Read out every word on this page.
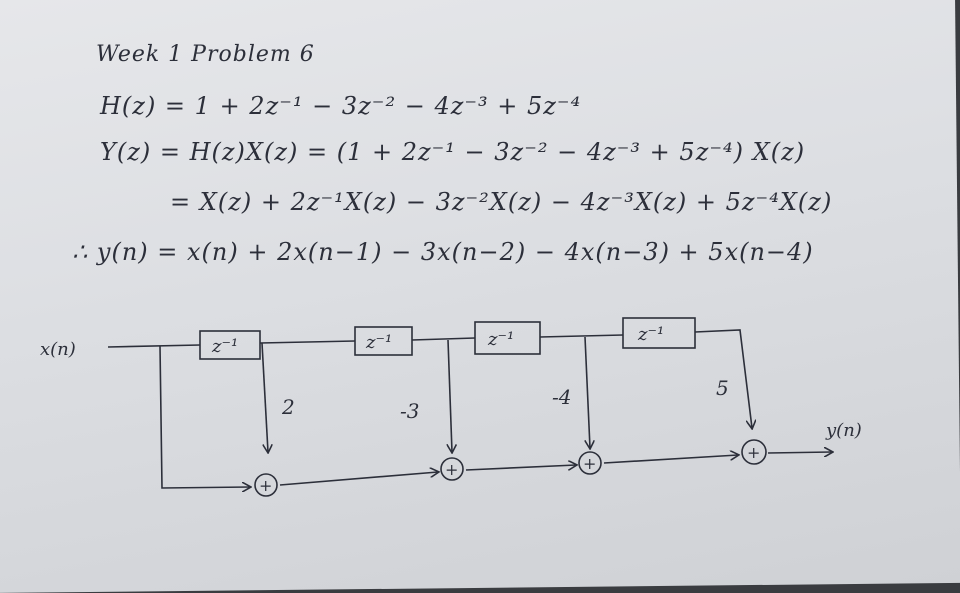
Week 1 Problem 6
H(z) = 1 + 2z⁻¹ − 3z⁻² − 4z⁻³ + 5z⁻⁴
Y(z) = H(z)X(z) = (1 + 2z⁻¹ − 3z⁻² − 4z⁻³ + 5z⁻⁴) X(z)
= X(z) + 2z⁻¹X(z) − 3z⁻²X(z) − 4z⁻³X(z) + 5z⁻⁴X(z)
∴ y(n) = x(n) + 2x(n−1) − 3x(n−2) − 4x(n−3) + 5x(n−4)
z⁻¹	z⁻¹	z⁻¹	z⁻¹
+
+	+
+
2	-3
-4	5
x(n)
y(n)
